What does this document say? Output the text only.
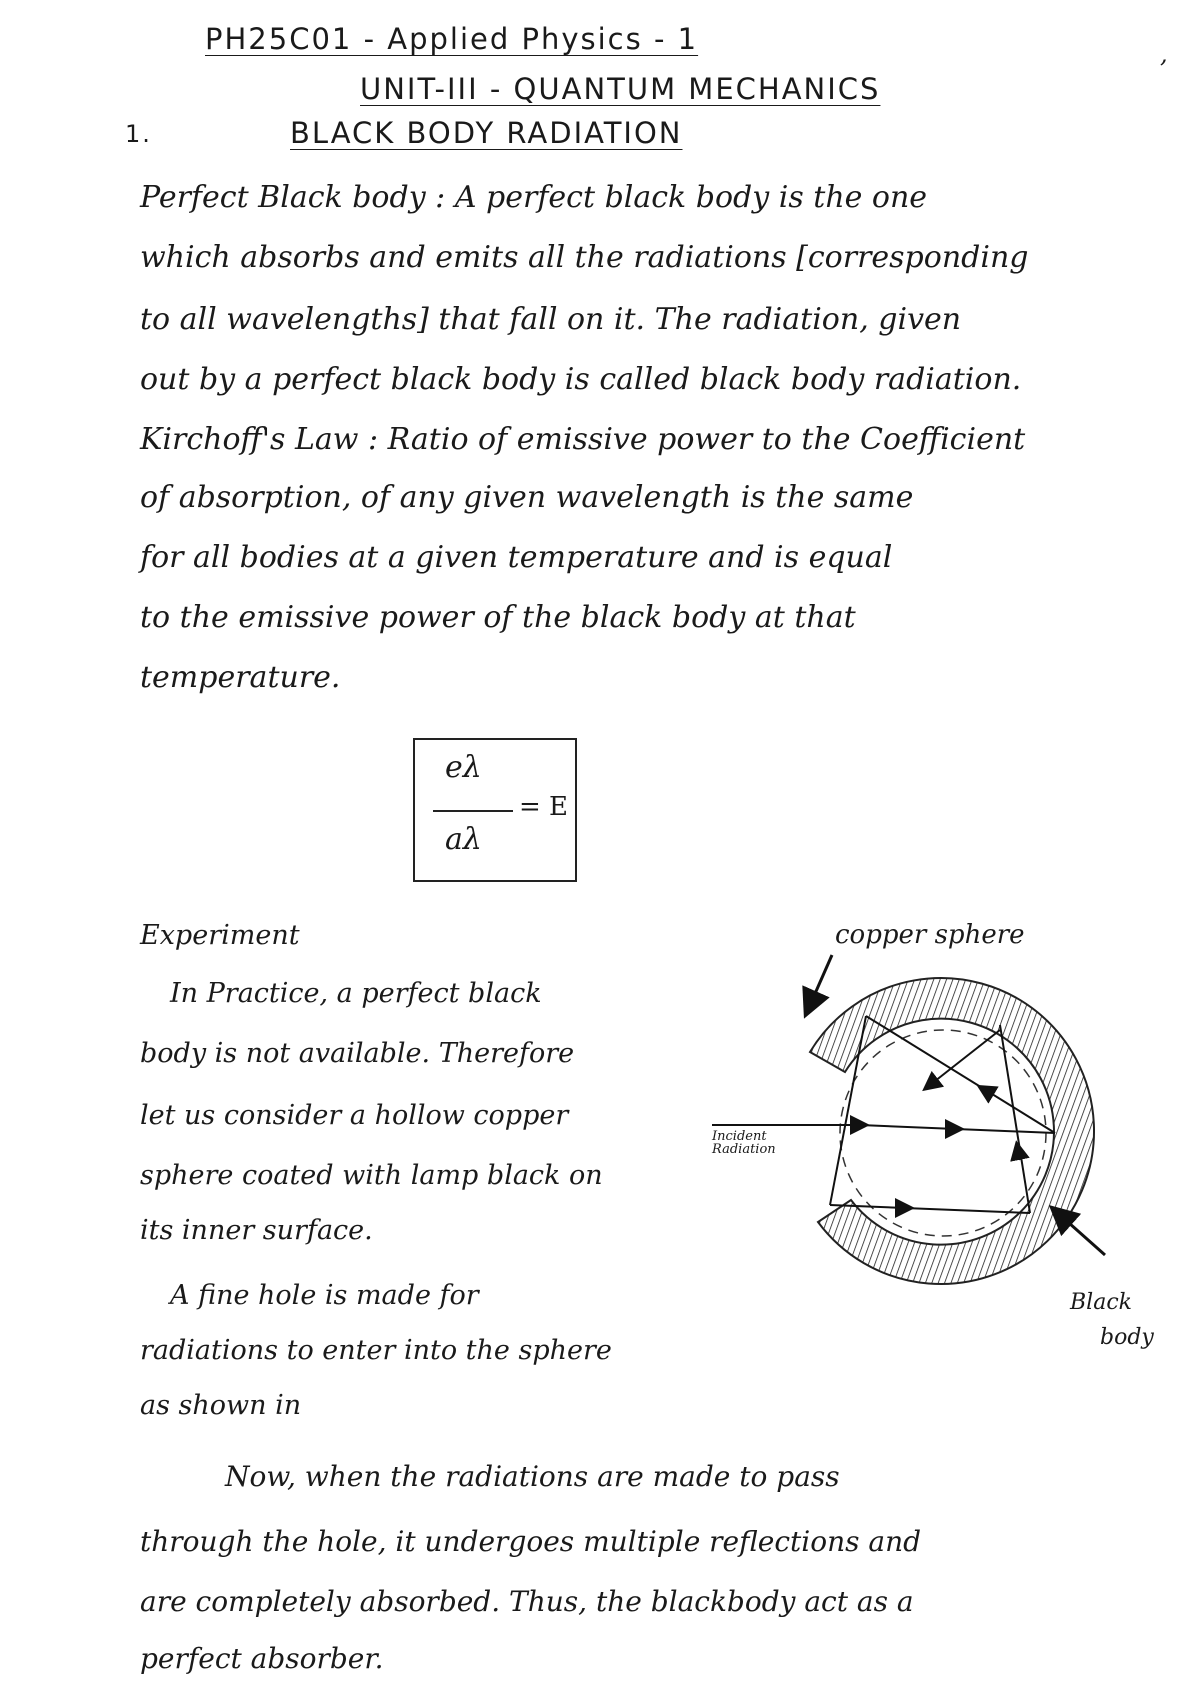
PH25C01 - Applied Physics - 1
UNIT-III - QUANTUM MECHANICS
1.	BLACK BODY RADIATION
,
Perfect Black body : A perfect black body is the one
which absorbs and emits all the radiations [corresponding
to all wavelengths] that fall on it. The radiation, given
out by a perfect black body is called black body radiation.
Kirchoff's Law : Ratio of emissive power to the Coefficient
of absorption, of any given wavelength is the same
for all bodies at a given temperature and is equal
to the emissive power of the black body at that
temperature.
eλ
aλ
= E
Experiment
In Practice, a perfect black
body is not available. Therefore
let us consider a hollow copper
sphere coated with lamp black on
its inner surface.
A fine hole is made for
radiations to enter into the sphere
as shown in
copper sphere
Incident Radiation
Black
body
Now, when the radiations are made to pass
through the hole, it undergoes multiple reflections and
are completely absorbed. Thus, the blackbody act as a
perfect absorber.
